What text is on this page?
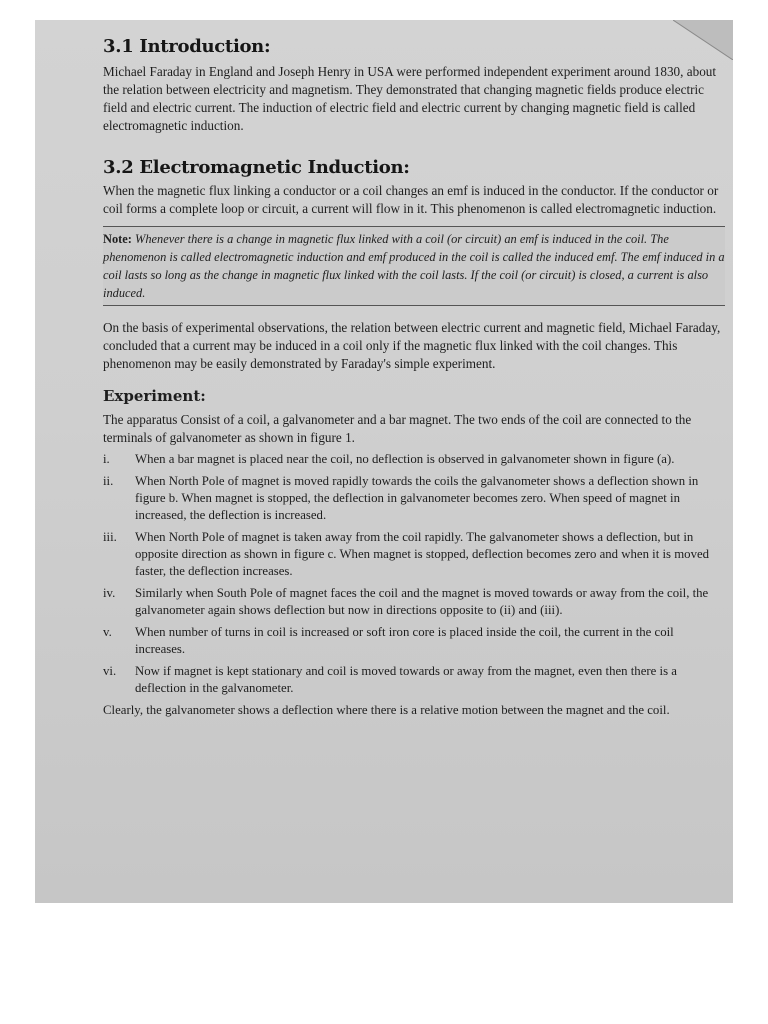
3.1 Introduction:

Michael Faraday in England and Joseph Henry in USA were performed independent experiment around 1830, about the relation between electricity and magnetism. They demonstrated that changing magnetic fields produce electric field and electric current. The induction of electric field and electric current by changing magnetic field is called electromagnetic induction.

3.2 Electromagnetic Induction:

When the magnetic flux linking a conductor or a coil changes an emf is induced in the conductor. If the conductor or coil forms a complete loop or circuit, a current will flow in it. This phenomenon is called electromagnetic induction.

Note: Whenever there is a change in magnetic flux linked with a coil (or circuit) an emf is induced in the coil. The phenomenon is called electromagnetic induction and emf produced in the coil is called the induced emf. The emf induced in a coil lasts so long as the change in magnetic flux linked with the coil lasts. If the coil (or circuit) is closed, a current is also induced.

On the basis of experimental observations, the relation between electric current and magnetic field, Michael Faraday, concluded that a current may be induced in a coil only if the magnetic flux linked with the coil changes. This phenomenon may be easily demonstrated by Faraday's simple experiment.

Experiment:

The apparatus Consist of a coil, a galvanometer and a bar magnet. The two ends of the coil are connected to the terminals of galvanometer as shown in figure 1.

i.	When a bar magnet is placed near the coil, no deflection is observed in galvanometer shown in figure (a).
ii.	When North Pole of magnet is moved rapidly towards the coils the galvanometer shows a deflection shown in figure b. When magnet is stopped, the deflection in galvanometer becomes zero. When speed of magnet in increased, the deflection is increased.
iii.	When North Pole of magnet is taken away from the coil rapidly. The galvanometer shows a deflection, but in opposite direction as shown in figure c. When magnet is stopped, deflection becomes zero and when it is moved faster, the deflection increases.
iv.	Similarly when South Pole of magnet faces the coil and the magnet is moved towards or away from the coil, the galvanometer again shows deflection but now in directions opposite to (ii) and (iii).
v.	When number of turns in coil is increased or soft iron core is placed inside the coil, the current in the coil increases.
vi.	Now if magnet is kept stationary and coil is moved towards or away from the magnet, even then there is a deflection in the galvanometer.

Clearly, the galvanometer shows a deflection where there is a relative motion between the magnet and the coil.
